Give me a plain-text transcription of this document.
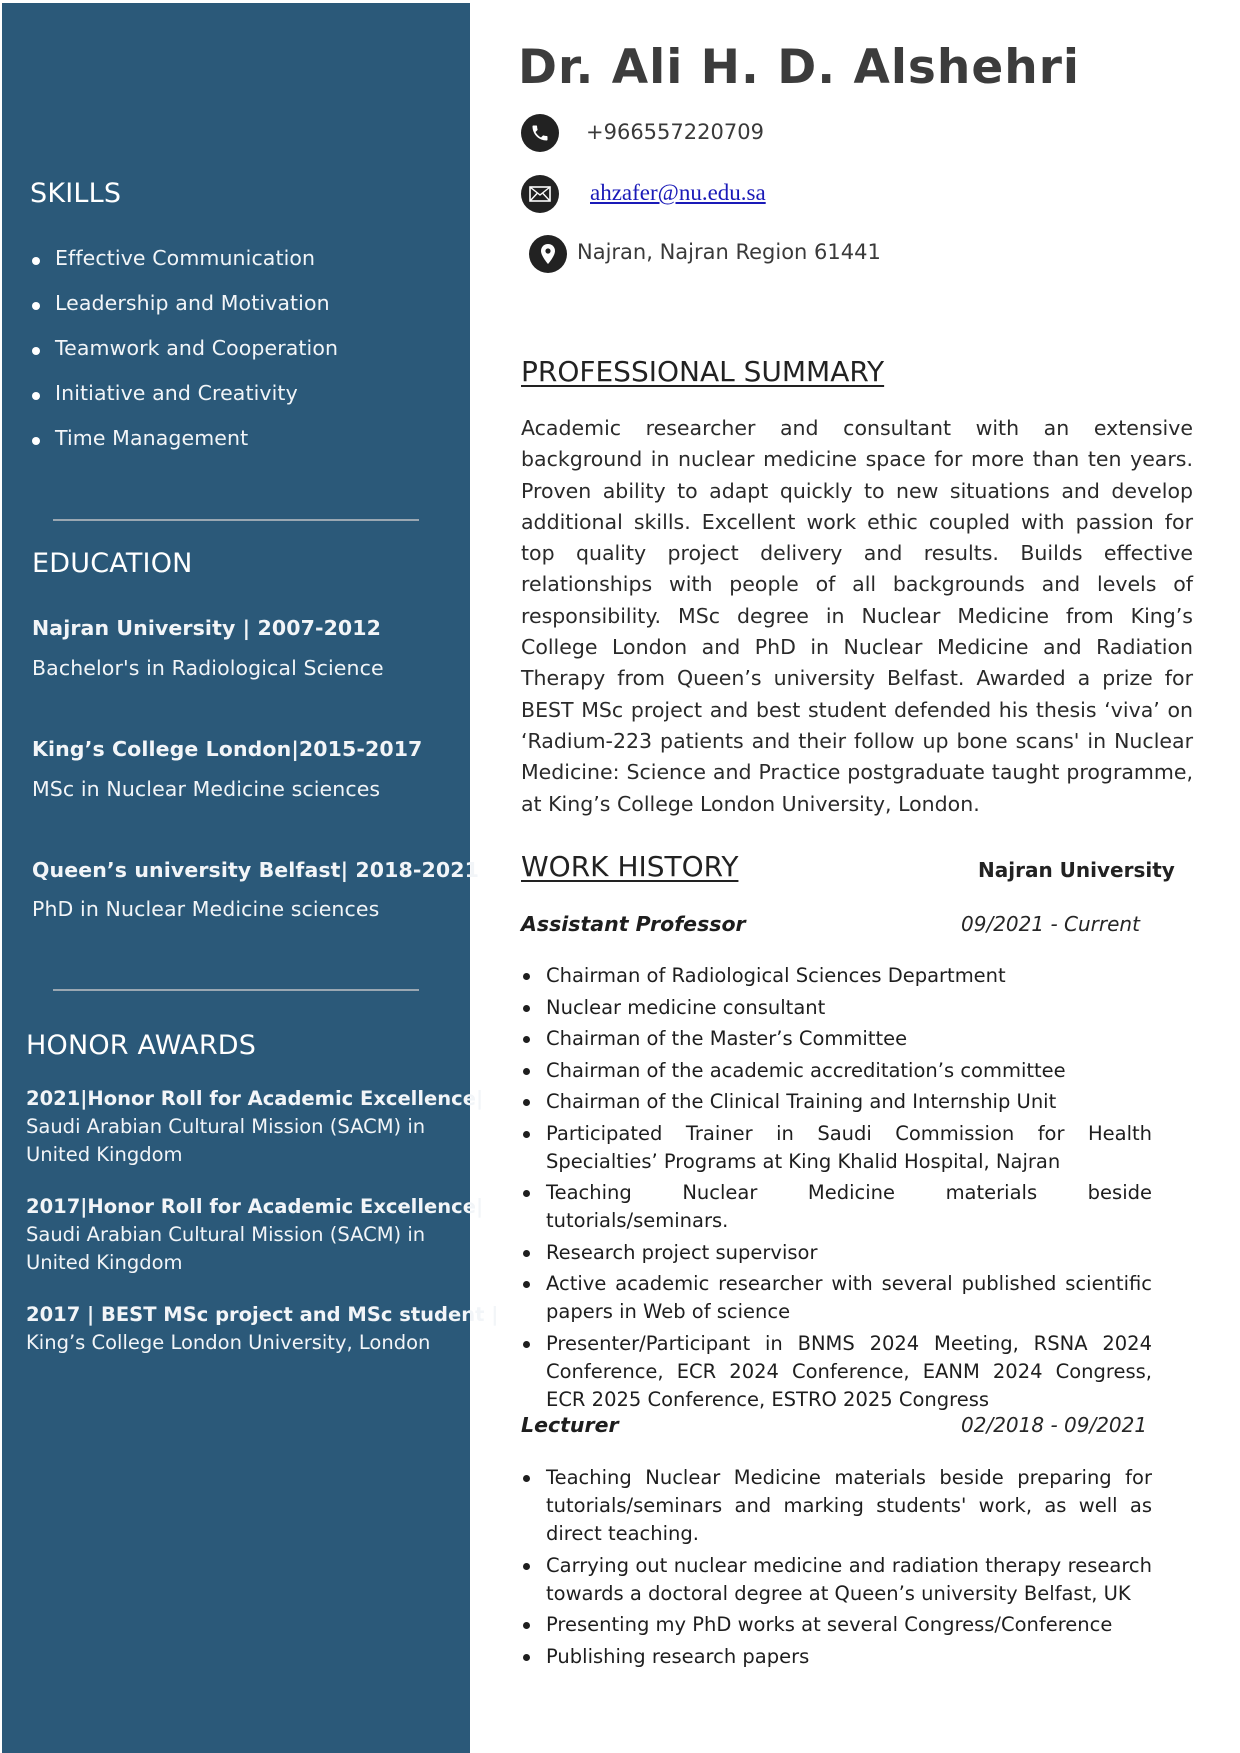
SKILLS
Effective Communication
Leadership and Motivation
Teamwork and Cooperation
Initiative and Creativity
Time Management
EDUCATION
Najran University | 2007-2012
Bachelor's in Radiological Science
King’s College London|2015-2017
MSc in Nuclear Medicine sciences
Queen’s university Belfast| 2018-2021
PhD in Nuclear Medicine sciences
HONOR AWARDS
2021|Honor Roll for Academic Excellence|
Saudi Arabian Cultural Mission (SACM) in
United Kingdom
2017|Honor Roll for Academic Excellence|
Saudi Arabian Cultural Mission (SACM) in
United Kingdom
2017 | BEST MSc project and MSc student |
King’s College London University, London
Dr. Ali H. D. Alshehri
+966557220709
ahzafer@nu.edu.sa
Najran, Najran Region 61441
PROFESSIONAL SUMMARY
Academic researcher and consultant with an extensive background in nuclear medicine space for more than ten years. Proven ability to adapt quickly to new situations and develop additional skills. Excellent work ethic coupled with passion for top quality project delivery and results. Builds effective relationships with people of all backgrounds and levels of responsibility. MSc degree in Nuclear Medicine from King’s College London and PhD in Nuclear Medicine and Radiation Therapy from Queen’s university Belfast. Awarded a prize for BEST MSc project and best student defended his thesis ‘viva’ on ‘Radium-223 patients and their follow up bone scans' in Nuclear Medicine: Science and Practice postgraduate taught programme, at King’s College London University, London.
WORK HISTORY	Najran University
Assistant Professor	09/2021 - Current
Chairman of Radiological Sciences Department
Nuclear medicine consultant
Chairman of the Master’s Committee
Chairman of the academic accreditation’s committee
Chairman of the Clinical Training and Internship Unit
Participated Trainer in Saudi Commission for Health Specialties’ Programs at King Khalid Hospital, Najran
Teaching Nuclear Medicine materials beside tutorials/seminars.
Research project supervisor
Active academic researcher with several published scientific papers in Web of science
Presenter/Participant in BNMS 2024 Meeting, RSNA 2024 Conference, ECR 2024 Conference, EANM 2024 Congress, ECR 2025 Conference, ESTRO 2025 Congress
Lecturer	02/2018 - 09/2021
Teaching Nuclear Medicine materials beside preparing for tutorials/seminars and marking students' work, as well as direct teaching.
Carrying out nuclear medicine and radiation therapy research towards a doctoral degree at Queen’s university Belfast, UK
Presenting my PhD works at several Congress/Conference
Publishing research papers
